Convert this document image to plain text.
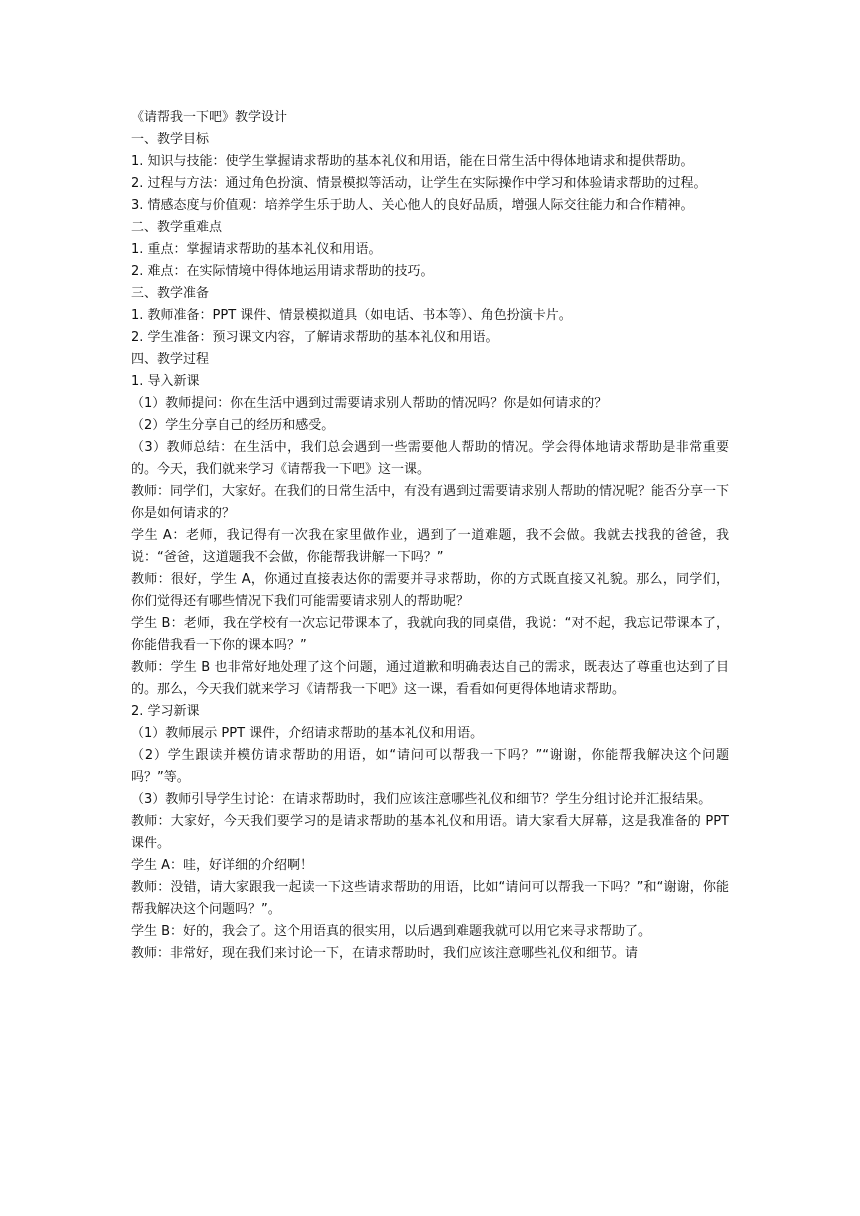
《请帮我一下吧》教学设计

一、教学目标

1. 知识与技能：使学生掌握请求帮助的基本礼仪和用语，能在日常生活中得体地请求和提供帮助。

2. 过程与方法：通过角色扮演、情景模拟等活动，让学生在实际操作中学习和体验请求帮助的过程。

3. 情感态度与价值观：培养学生乐于助人、关心他人的良好品质，增强人际交往能力和合作精神。

二、教学重难点

1. 重点：掌握请求帮助的基本礼仪和用语。

2. 难点：在实际情境中得体地运用请求帮助的技巧。

三、教学准备

1. 教师准备：PPT 课件、情景模拟道具（如电话、书本等）、角色扮演卡片。

2. 学生准备：预习课文内容，了解请求帮助的基本礼仪和用语。

四、教学过程

1. 导入新课

（1）教师提问：你在生活中遇到过需要请求别人帮助的情况吗？你是如何请求的？

（2）学生分享自己的经历和感受。

（3）教师总结：在生活中，我们总会遇到一些需要他人帮助的情况。学会得体地请求帮助是非常重要的。今天，我们就来学习《请帮我一下吧》这一课。

教师：同学们，大家好。在我们的日常生活中，有没有遇到过需要请求别人帮助的情况呢？能否分享一下你是如何请求的？

学生 A：老师，我记得有一次我在家里做作业，遇到了一道难题，我不会做。我就去找我的爸爸，我说：“爸爸，这道题我不会做，你能帮我讲解一下吗？”

教师：很好，学生 A，你通过直接表达你的需要并寻求帮助，你的方式既直接又礼貌。那么，同学们，你们觉得还有哪些情况下我们可能需要请求别人的帮助呢？

学生 B：老师，我在学校有一次忘记带课本了，我就向我的同桌借，我说：“对不起，我忘记带课本了，你能借我看一下你的课本吗？”

教师：学生 B 也非常好地处理了这个问题，通过道歉和明确表达自己的需求，既表达了尊重也达到了目的。那么，今天我们就来学习《请帮我一下吧》这一课，看看如何更得体地请求帮助。

2. 学习新课

（1）教师展示 PPT 课件，介绍请求帮助的基本礼仪和用语。

（2）学生跟读并模仿请求帮助的用语，如“请问可以帮我一下吗？”“谢谢，你能帮我解决这个问题吗？”等。

（3）教师引导学生讨论：在请求帮助时，我们应该注意哪些礼仪和细节？学生分组讨论并汇报结果。

教师：大家好，今天我们要学习的是请求帮助的基本礼仪和用语。请大家看大屏幕，这是我准备的 PPT 课件。

学生 A：哇，好详细的介绍啊！

教师：没错，请大家跟我一起读一下这些请求帮助的用语，比如“请问可以帮我一下吗？”和“谢谢，你能帮我解决这个问题吗？”。

学生 B：好的，我会了。这个用语真的很实用，以后遇到难题我就可以用它来寻求帮助了。

教师：非常好，现在我们来讨论一下，在请求帮助时，我们应该注意哪些礼仪和细节。请
